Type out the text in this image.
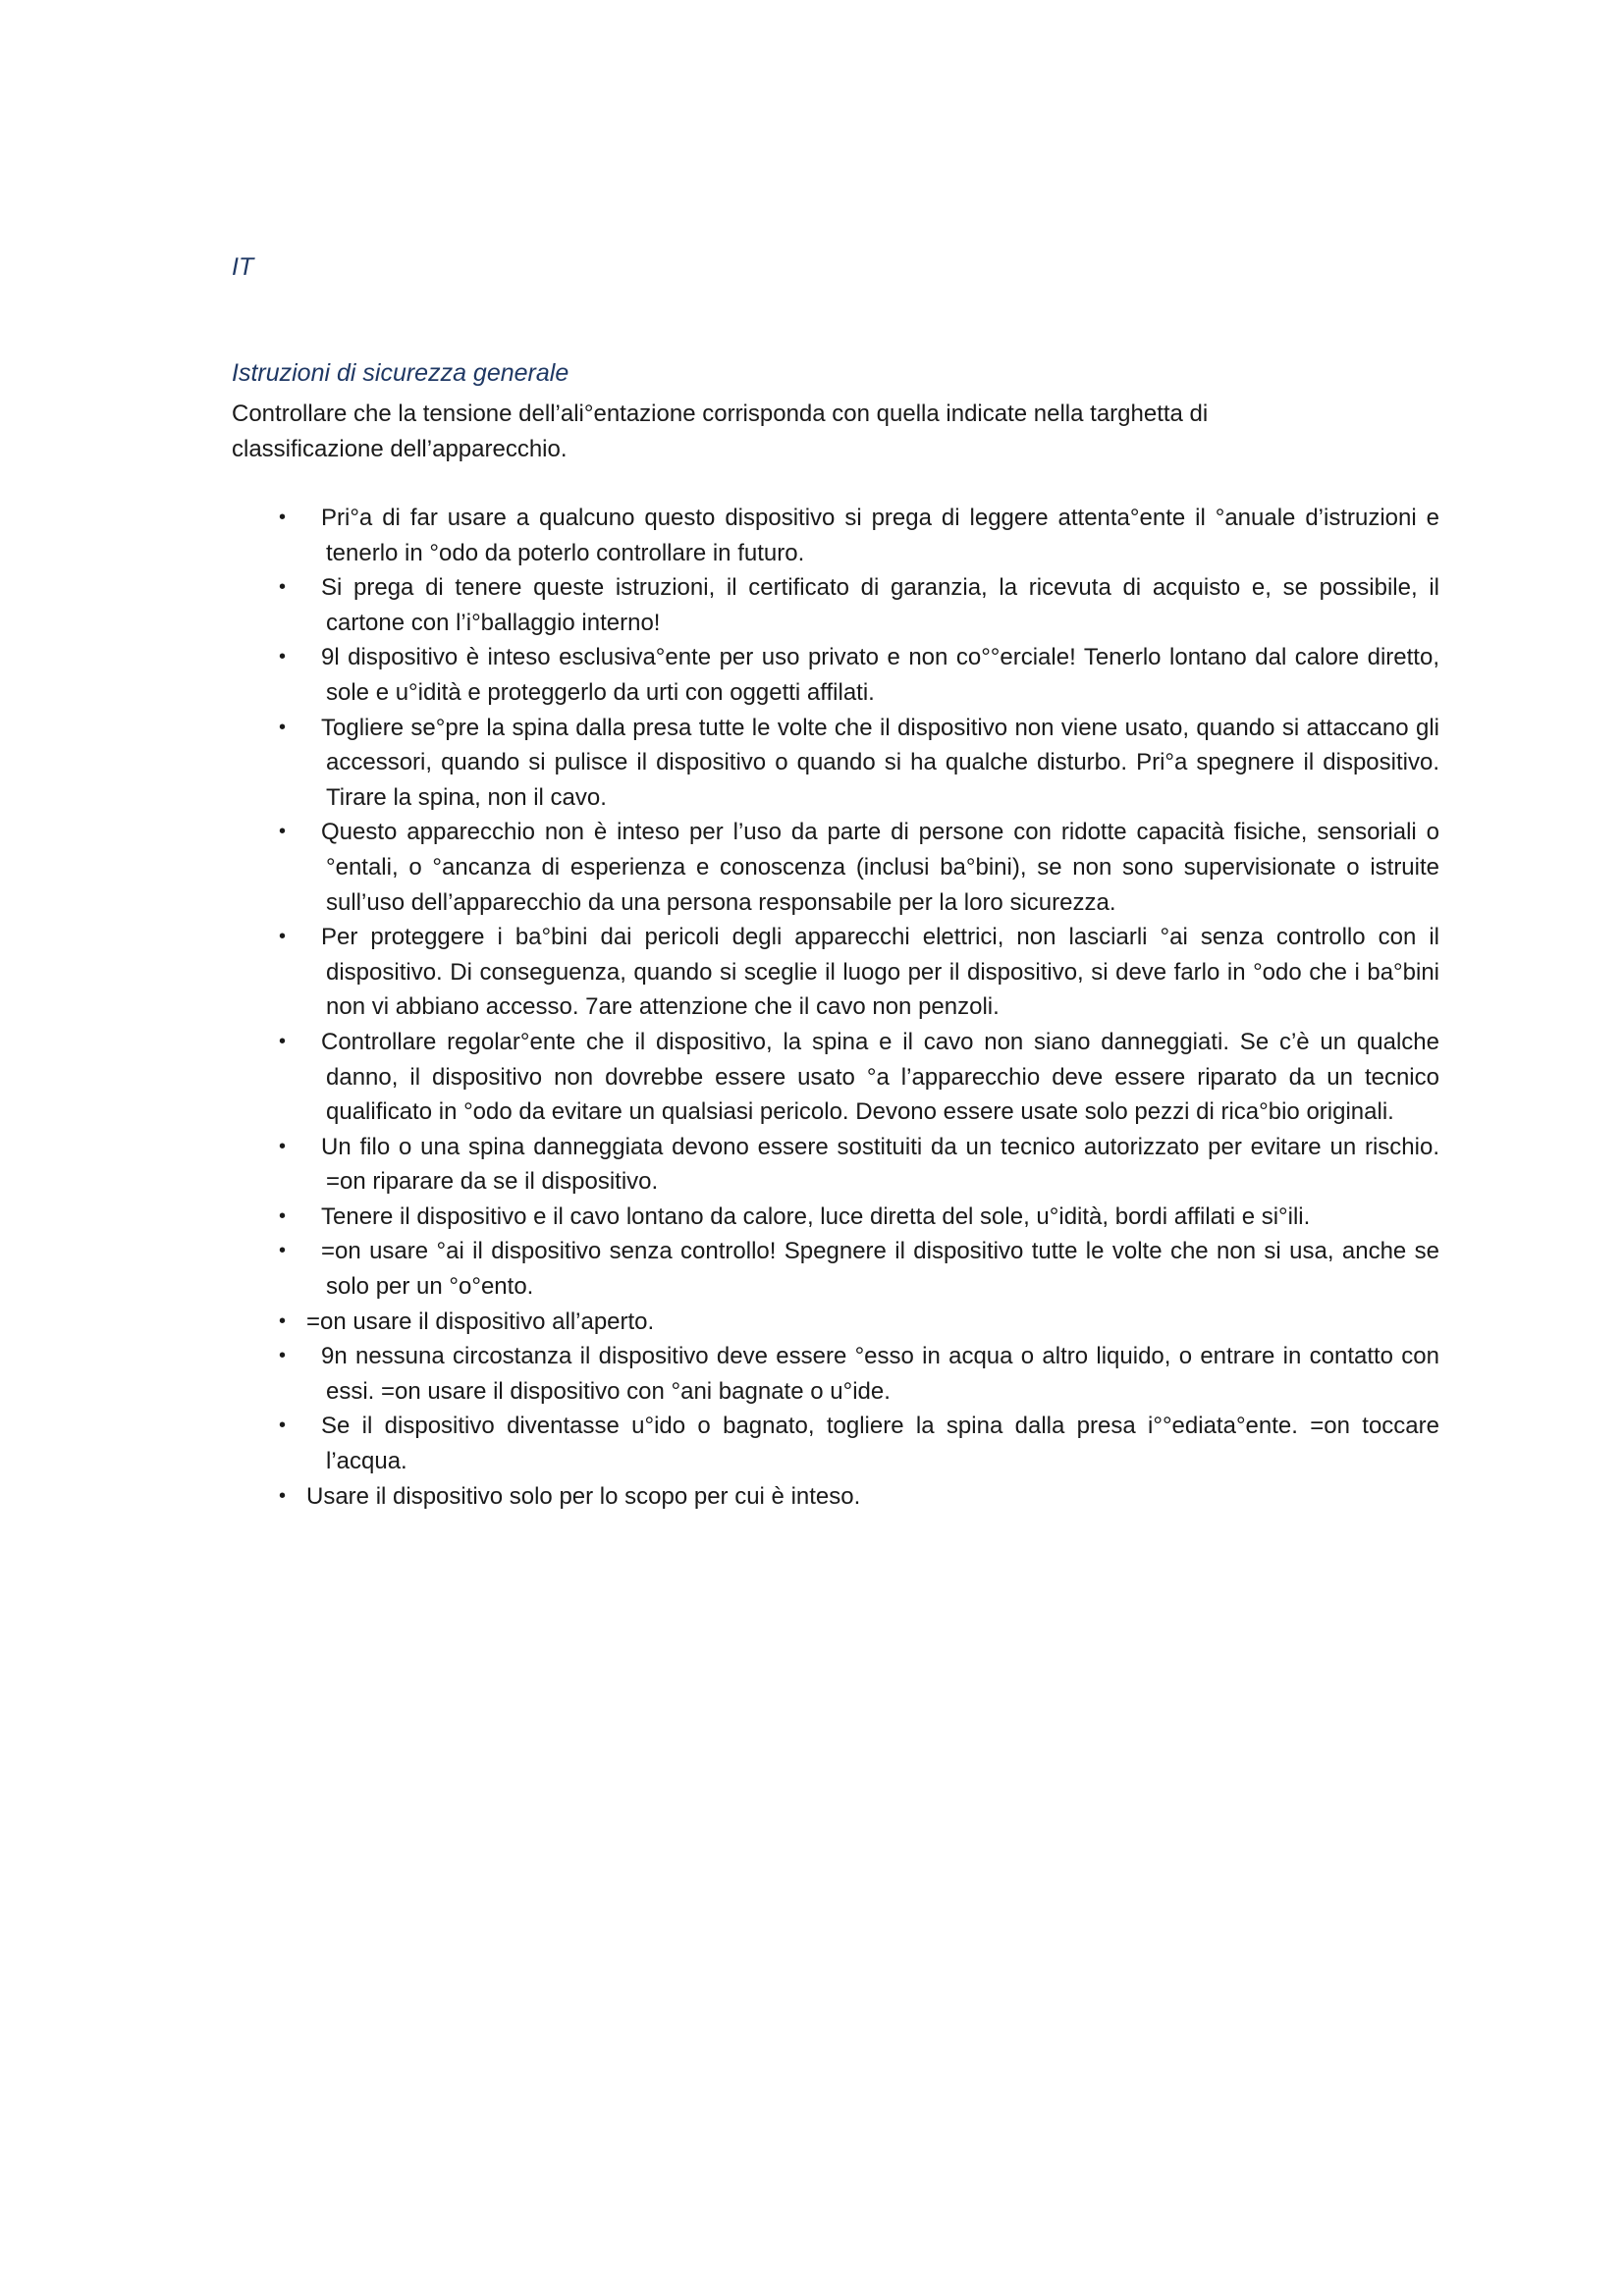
IT
Istruzioni di sicurezza generale
Controllare che la tensione dell’ali°entazione corrisponda con quella indicate nella targhetta di classificazione dell’apparecchio.
•	Pri°a di far usare a qualcuno questo dispositivo si prega di leggere attenta°ente il °anuale d’istruzioni e tenerlo in °odo da poterlo controllare in futuro.
•	Si prega di tenere queste istruzioni, il certificato di garanzia, la ricevuta di acquisto e, se possibile, il cartone con l’i°ballaggio interno!
•	9l dispositivo è inteso esclusiva°ente per uso privato e non co°°erciale! Tenerlo lontano dal calore diretto, sole e u°idità e proteggerlo da urti con oggetti affilati.
•	Togliere se°pre la spina dalla presa tutte le volte che il dispositivo non viene usato, quando si attaccano gli accessori, quando si pulisce il dispositivo o quando si ha qualche disturbo. Pri°a spegnere il dispositivo. Tirare la spina, non il cavo.
•	Questo apparecchio non è inteso per l’uso da parte di persone con ridotte capacità fisiche, sensoriali o °entali, o °ancanza di esperienza e conoscenza (inclusi ba°bini), se non sono supervisionate o istruite sull’uso dell’apparecchio da una persona responsabile per la loro sicurezza.
•	Per proteggere i ba°bini dai pericoli degli apparecchi elettrici, non lasciarli °ai senza controllo con il dispositivo. Di conseguenza, quando si sceglie il luogo per il dispositivo, si deve farlo in °odo che i ba°bini non vi abbiano accesso. 7are attenzione che il cavo non penzoli.
•	Controllare regolar°ente che il dispositivo, la spina e il cavo non siano danneggiati. Se c’è un qualche danno, il dispositivo non dovrebbe essere usato °a l’apparecchio deve essere riparato da un tecnico qualificato in °odo da evitare un qualsiasi pericolo. Devono essere usate solo pezzi di rica°bio originali.
•	Un filo o una spina danneggiata devono essere sostituiti da un tecnico autorizzato per evitare un rischio. =on riparare da se il dispositivo.
•	Tenere il dispositivo e il cavo lontano da calore, luce diretta del sole, u°idità, bordi affilati e si°ili.
•	=on usare °ai il dispositivo senza controllo! Spegnere il dispositivo tutte le volte che non si usa, anche se solo per un °o°ento.
• =on usare il dispositivo all’aperto.
•	9n nessuna circostanza il dispositivo deve essere °esso in acqua o altro liquido, o entrare in contatto con essi. =on usare il dispositivo con °ani bagnate o u°ide.
•	Se il dispositivo diventasse u°ido o bagnato, togliere la spina dalla presa i°°ediata°ente. =on toccare l’acqua.
• Usare il dispositivo solo per lo scopo per cui è inteso.
